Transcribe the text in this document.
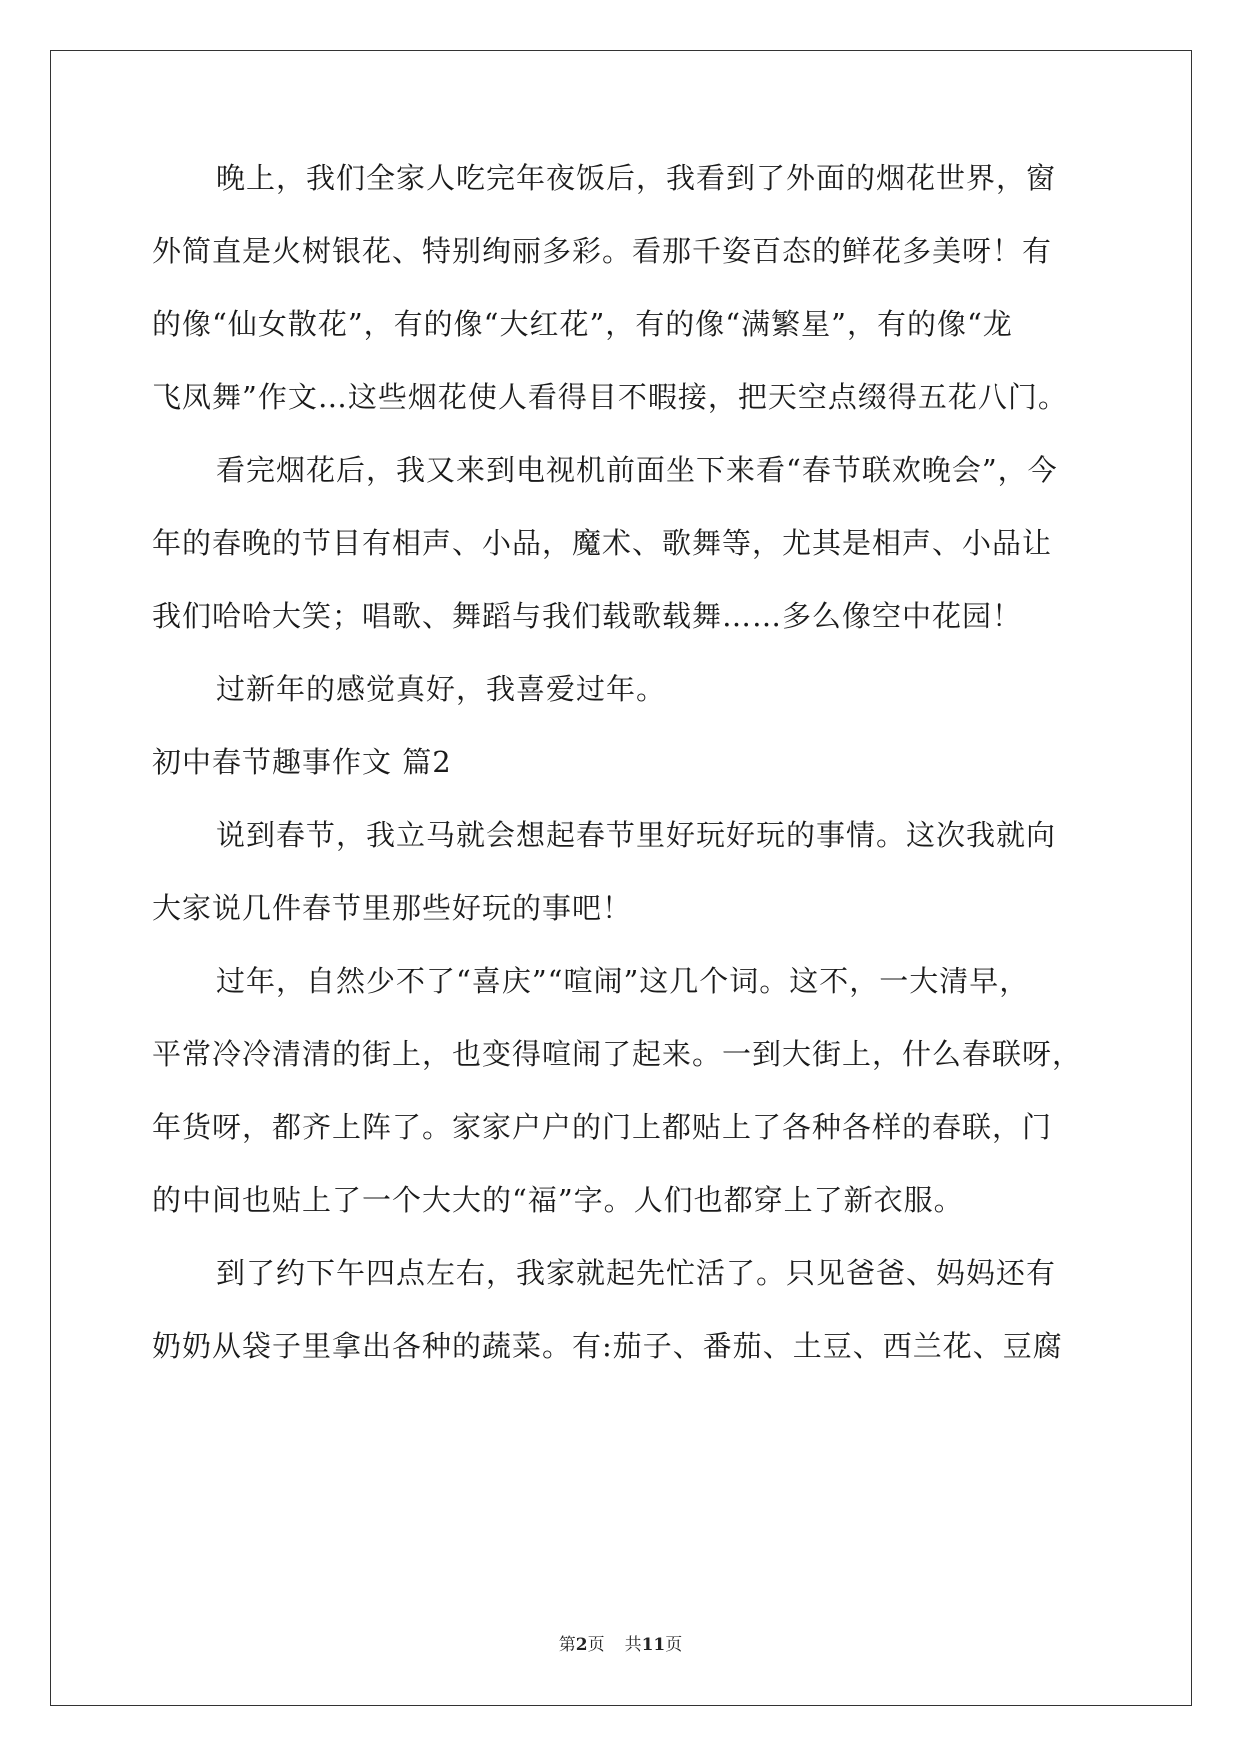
晚上，我们全家人吃完年夜饭后，我看到了外面的烟花世界，窗
外简直是火树银花、特别绚丽多彩。看那千姿百态的鲜花多美呀！有
的像“仙女散花”，有的像“大红花”，有的像“满繁星”，有的像“龙
飞凤舞”作文…这些烟花使人看得目不暇接，把天空点缀得五花八门。
看完烟花后，我又来到电视机前面坐下来看“春节联欢晚会”，今
年的春晚的节目有相声、小品，魔术、歌舞等，尤其是相声、小品让
我们哈哈大笑；唱歌、舞蹈与我们载歌载舞……多么像空中花园！
过新年的感觉真好，我喜爱过年。
初中春节趣事作文 篇2
说到春节，我立马就会想起春节里好玩好玩的事情。这次我就向
大家说几件春节里那些好玩的事吧！
过年，自然少不了“喜庆”“喧闹”这几个词。这不，一大清早，
平常冷冷清清的街上，也变得喧闹了起来。一到大街上，什么春联呀，
年货呀，都齐上阵了。家家户户的门上都贴上了各种各样的春联，门
的中间也贴上了一个大大的“福”字。人们也都穿上了新衣服。
到了约下午四点左右，我家就起先忙活了。只见爸爸、妈妈还有
奶奶从袋子里拿出各种的蔬菜。有:茄子、番茄、土豆、西兰花、豆腐
第2页 共11页
